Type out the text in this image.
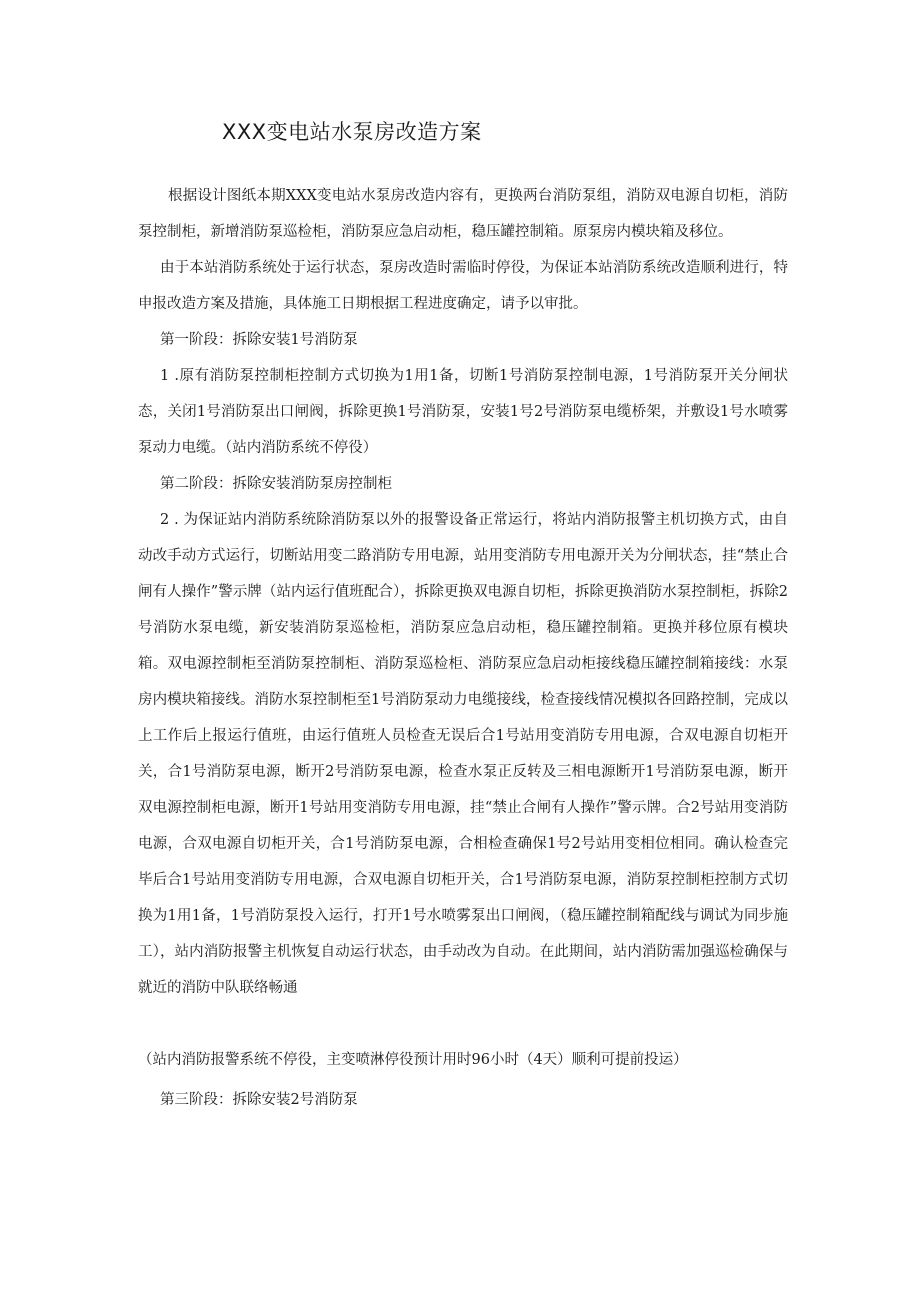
XXX变电站水泵房改造方案

根据设计图纸本期XXX变电站水泵房改造内容有，更换两台消防泵组，消防双电源自切柜，消防泵控制柜，新增消防泵巡检柜，消防泵应急启动柜，稳压罐控制箱。原泵房内模块箱及移位。

由于本站消防系统处于运行状态，泵房改造时需临时停役，为保证本站消防系统改造顺利进行，特申报改造方案及措施，具体施工日期根据工程进度确定，请予以审批。

第一阶段：拆除安装1号消防泵

1 .原有消防泵控制柜控制方式切换为1用1备，切断1号消防泵控制电源，1号消防泵开关分闸状态，关闭1号消防泵出口闸阀，拆除更换1号消防泵，安装1号2号消防泵电缆桥架，并敷设1号水喷雾泵动力电缆。（站内消防系统不停役）

第二阶段：拆除安装消防泵房控制柜

2 . 为保证站内消防系统除消防泵以外的报警设备正常运行，将站内消防报警主机切换方式，由自动改手动方式运行，切断站用变二路消防专用电源，站用变消防专用电源开关为分闸状态，挂“禁止合闸有人操作”警示牌（站内运行值班配合），拆除更换双电源自切柜，拆除更换消防水泵控制柜，拆除2号消防水泵电缆，新安装消防泵巡检柜，消防泵应急启动柜，稳压罐控制箱。更换并移位原有模块箱。双电源控制柜至消防泵控制柜、消防泵巡检柜、消防泵应急启动柜接线稳压罐控制箱接线：水泵房内模块箱接线。消防水泵控制柜至1号消防泵动力电缆接线，检查接线情况模拟各回路控制，完成以上工作后上报运行值班，由运行值班人员检查无误后合1号站用变消防专用电源，合双电源自切柜开关，合1号消防泵电源，断开2号消防泵电源，检查水泵正反转及三相电源断开1号消防泵电源，断开双电源控制柜电源，断开1号站用变消防专用电源，挂“禁止合闸有人操作”警示牌。合2号站用变消防电源，合双电源自切柜开关，合1号消防泵电源，合相检查确保1号2号站用变相位相同。确认检查完毕后合1号站用变消防专用电源，合双电源自切柜开关，合1号消防泵电源，消防泵控制柜控制方式切换为1用1备，1号消防泵投入运行，打开1号水喷雾泵出口闸阀，（稳压罐控制箱配线与调试为同步施工），站内消防报警主机恢复自动运行状态，由手动改为自动。在此期间，站内消防需加强巡检确保与就近的消防中队联络畅通

（站内消防报警系统不停役，主变喷淋停役预计用时96小时（4天）顺利可提前投运）

第三阶段：拆除安装2号消防泵
